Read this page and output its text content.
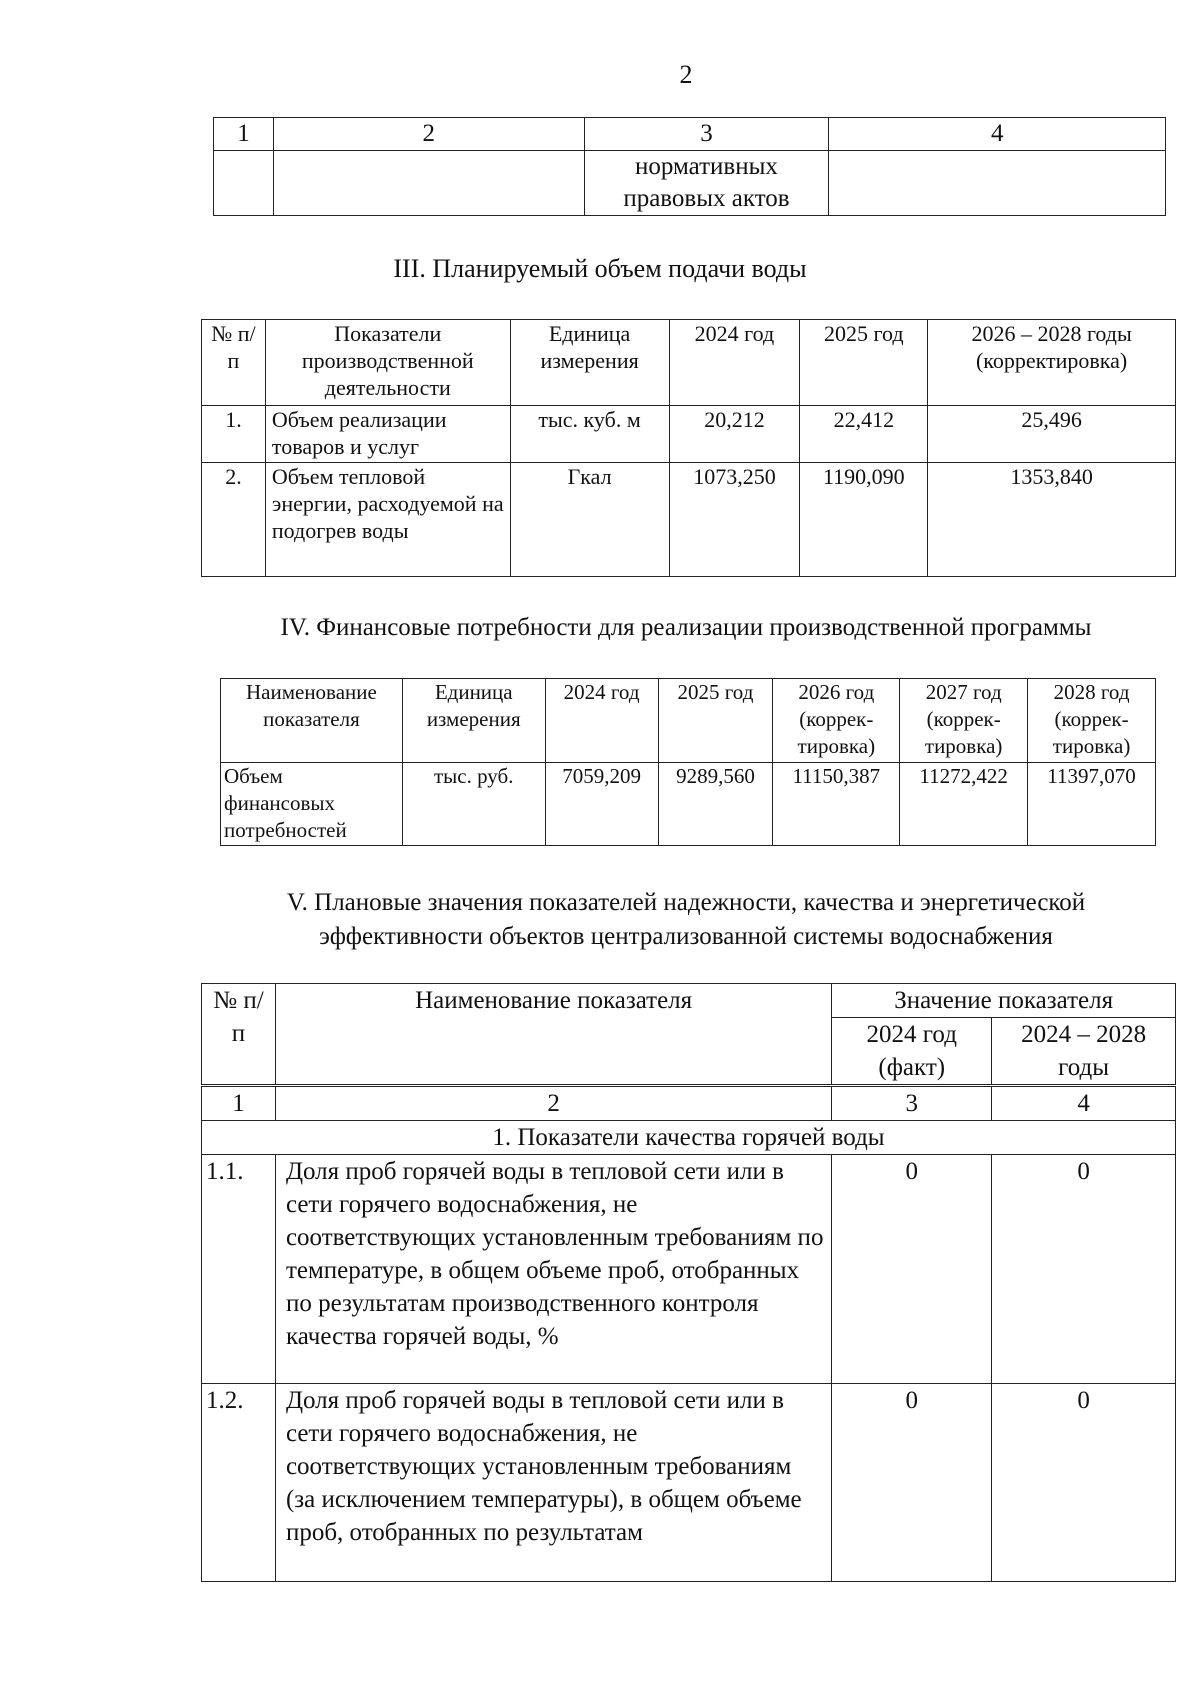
2
1	2	3	4
		нормативных правовых актов	
III. Планируемый объем подачи воды
№ п/п	Показатели производственной деятельности	Единица измерения	2024 год	2025 год	2026 – 2028 годы (корректировка)
1.	Объем реализации товаров и услуг	тыс. куб. м	20,212	22,412	25,496
2.	Объем тепловой энергии, расходуемой на подогрев воды	Гкал	1073,250	1190,090	1353,840
IV. Финансовые потребности для реализации производственной программы
Наименование показателя	Единица измерения	2024 год	2025 год	2026 год (коррек- тировка)	2027 год (коррек- тировка)	2028 год (коррек- тировка)
Объем финансовых потребностей	тыс. руб.	7059,209	9289,560	11150,387	11272,422	11397,070
V. Плановые значения показателей надежности, качества и энергетической
эффективности объектов централизованной системы водоснабжения
№ п/п	Наименование показателя	Значение показателя	
		2024 год (факт)	2024 – 2028 годы
1	2	3	4
1. Показатели качества горячей воды			
1.1.	Доля проб горячей воды в тепловой сети или в сети горячего водоснабжения, не соответствующих установленным требованиям по температуре, в общем объеме проб, отобранных по результатам производственного контроля качества горячей воды, %	0	0
1.2.	Доля проб горячей воды в тепловой сети или в сети горячего водоснабжения, не соответствующих установленным требованиям (за исключением температуры), в общем объеме проб, отобранных по результатам	0	0
